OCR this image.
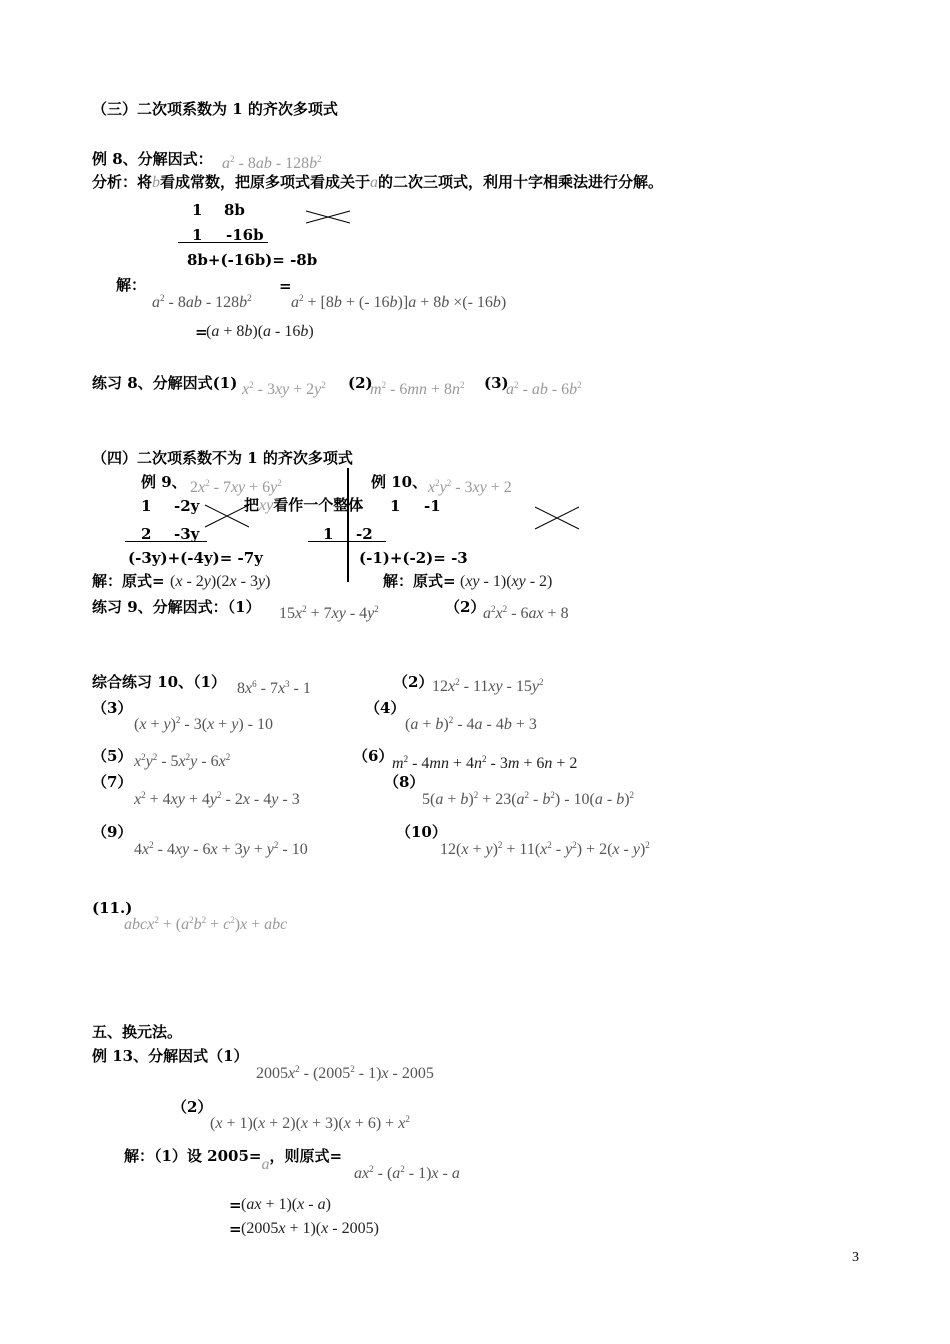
（三）二次项系数为 1 的齐次多项式
例 8、分解因式： $a^2 - 8ab - 128b^2$
分析：将b看成常数，把原多项式看成关于a的二次三项式，利用十字相乘法进行分解。
1 8b
1 -16b
8b+(-16b)= -8b
解：
$a^2 - 8ab - 128b^2$
=
$a^2 + [8b$ + (- 16b)]a + 8b ×(- 16b)
=
(a + 8b)(a - 16b)
练习 8、分解因式(1) $x^2 - 3xy + 2y^2$ (2)
$m^2 - 6mn + 8n^2$ (3)
$a^2$ - ab - $6b^2$
（四）二次项系数不为 1 的齐次多项式
例 9、 $2x^2 - 7xy + 6y^2$
1 -2y
2 -3y
(-3y)+(-4y)= -7y
例 10、 $x^2y^2 - 3xy + 2$
把xy看作一个整体 1 -1
1 -2
(-1)+(-2)= -3
解：原式= (x - 2y)(2x - 3y)	解：原式= (xy - 1)(xy - 2)
练习 9、分解因式：（1） $15x^2 + 7xy - 4y^2$	（2）
$a^2x^2 - 6ax + 8$
综合练习 10、（1） $8x^6 - 7x^3 - 1$	（2）
$12x^2 - 11xy - 15y^2$
（3）
$(x + y)^2 - 3(x + y) - 10$
（4）
$(a + b)^2 - 4a - 4b + 3$
（5） $x^2y^2 - 5x^2y - 6x^2$	（6）
$m^2 - 4mn + 4n^2 - 3m + 6n + 2$
（7）
$x^2 + 4xy + 4y^2 - 2x - 4y - 3$
（8）
$5(a + b)^2 + 23(a^2 - b^2) - 10(a - b)^2$
（9）
$4x^2 - 4xy - 6x + 3y + y^2 - 10$
（10）
$12(x + y)^2 + 11(x^2 - y^2) + 2(x - y)^2$
(11.)
abcx$^2$ + $(a^2b^2 + c^2)x$ + abc
五、换元法。
例 13、分解因式（1）
$2005x^2 - (2005^2 - 1)x - 2005$
（2）
$(x + 1)(x + 2)(x + 3)(x + 6) + x^2$
解：（1）设 2005=a，则原式=
$ax^2 - (a^2 - 1)x$ - a
= (ax + 1)(x - a)
= (2005x + 1)(x - 2005)
3
